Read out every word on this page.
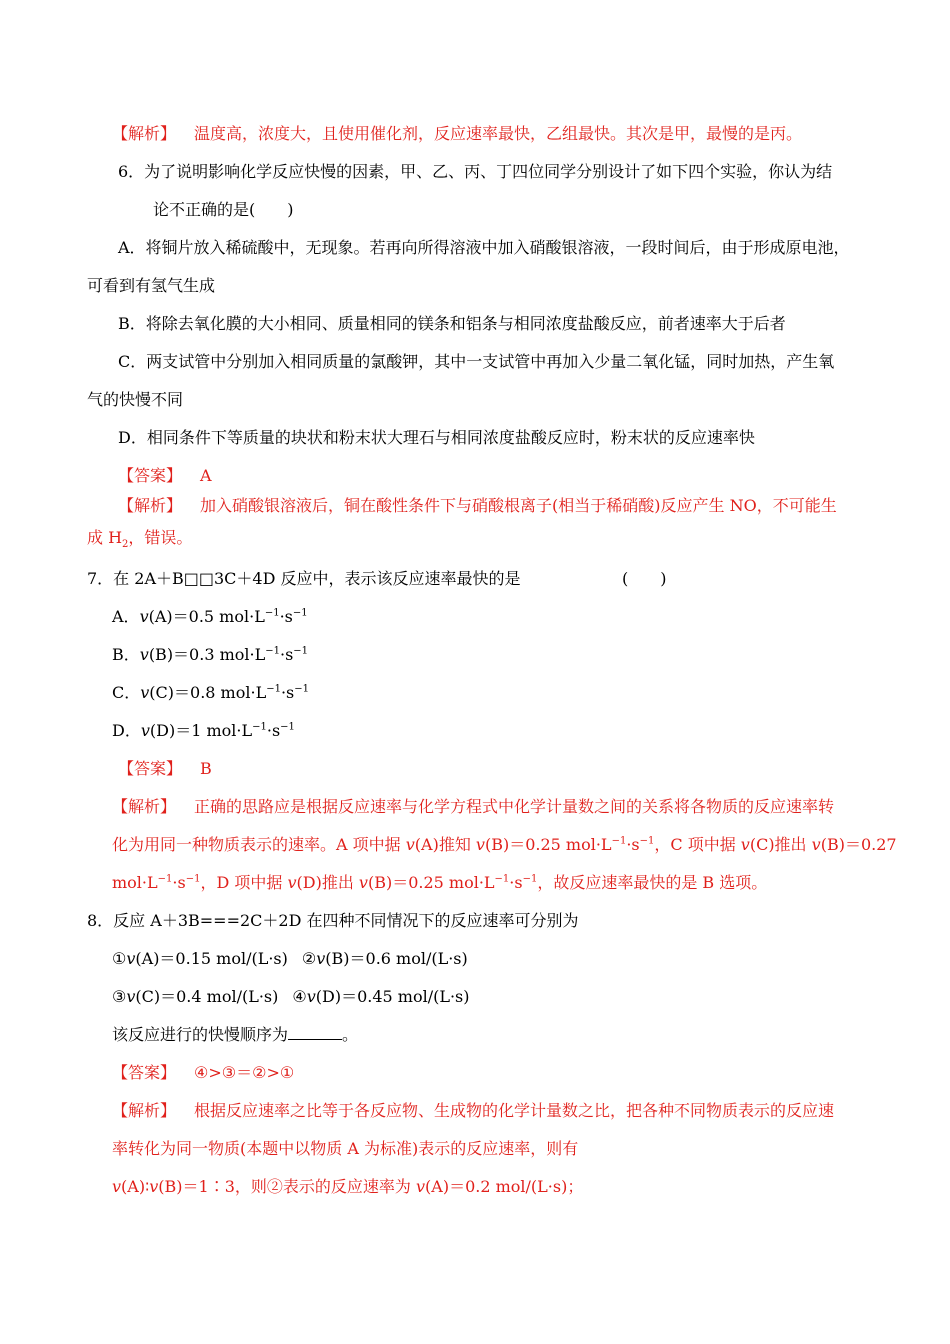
【解析】 温度高，浓度大，且使用催化剂，反应速率最快，乙组最快。其次是甲，最慢的是丙。
6．为了说明影响化学反应快慢的因素，甲、乙、丙、丁四位同学分别设计了如下四个实验，你认为结
论不正确的是(　　)
A．将铜片放入稀硫酸中，无现象。若再向所得溶液中加入硝酸银溶液，一段时间后，由于形成原电池，
可看到有氢气生成
B．将除去氧化膜的大小相同、质量相同的镁条和铝条与相同浓度盐酸反应，前者速率大于后者
C．两支试管中分别加入相同质量的氯酸钾，其中一支试管中再加入少量二氧化锰，同时加热，产生氧
气的快慢不同
D．相同条件下等质量的块状和粉末状大理石与相同浓度盐酸反应时，粉末状的反应速率快
【答案】 A
【解析】 加入硝酸银溶液后，铜在酸性条件下与硝酸根离子(相当于稀硝酸)反应产生 NO，不可能生
成 $H_2$，错误。
7．在 2A＋B□□3C＋4D 反应中，表示该反应速率最快的是	(　　)
A．v(A)＝0.5 $mol\cdot L^{-1}\cdot s^{-1}$
B．v(B)＝0.3 $mol\cdot L^{-1}\cdot s^{-1}$
C．v(C)＝0.8 $mol\cdot L^{-1}\cdot s^{-1}$
D．v(D)＝1 $mol\cdot L^{-1}\cdot s^{-1}$
【答案】 B
【解析】 正确的思路应是根据反应速率与化学方程式中化学计量数之间的关系将各物质的反应速率转
化为用同一种物质表示的速率。A 项中据 v(A)推知 v(B)＝0.25 $mol\cdot L^{-1}\cdot s^{-1}$，C 项中据 v(C)推出 v(B)＝0.27
$mol\cdot L^{-1}\cdot s^{-1}$，D 项中据 v(D)推出 v(B)＝0.25 $mol\cdot L^{-1}\cdot s^{-1}$，故反应速率最快的是 B 选项。
8．反应 A＋3B===2C＋2D 在四种不同情况下的反应速率可分别为
①v(A)＝0.15 mol/(L·s) ②v(B)＝0.6 mol/(L·s)
③v(C)＝0.4 mol/(L·s) ④v(D)＝0.45 mol/(L·s)
该反应进行的快慢顺序为	。
【答案】 ④>③＝②>①
【解析】 根据反应速率之比等于各反应物、生成物的化学计量数之比，把各种不同物质表示的反应速
率转化为同一物质(本题中以物质 A 为标准)表示的反应速率，则有
v(A)∶v(B)＝1∶3，则②表示的反应速率为 v(A)＝0.2 mol/(L·s)；
